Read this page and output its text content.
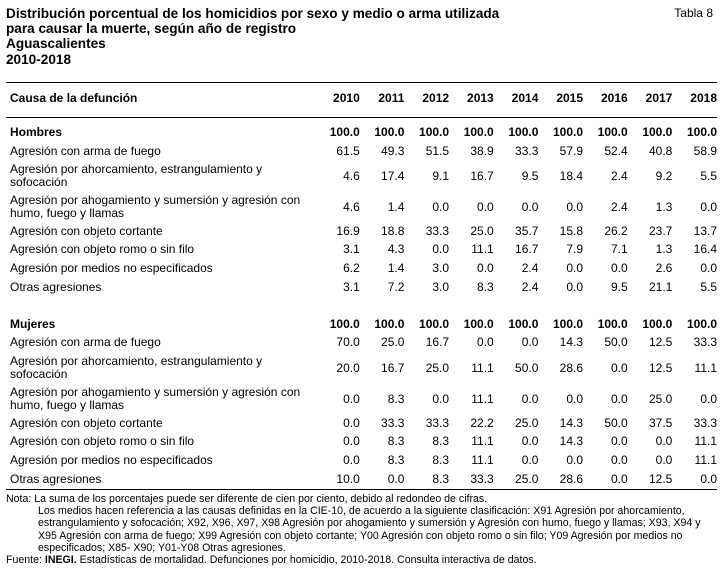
Distribución porcentual de los homicidios por sexo y medio o arma utilizada
para causar la muerte, según año de registro
Aguascalientes
2010-2018
Tabla 8
Causa de la defunción	2010	2011	2012	2013	2014	2015	2016	2017	2018
Hombres	100.0	100.0	100.0	100.0	100.0	100.0	100.0	100.0	100.0
Agresión con arma de fuego	61.5	49.3	51.5	38.9	33.3	57.9	52.4	40.8	58.9
Agresión por ahorcamiento, estrangulamiento y sofocación	4.6	17.4	9.1	16.7	9.5	18.4	2.4	9.2	5.5
Agresión por ahogamiento y sumersión y agresión con humo, fuego y llamas	4.6	1.4	0.0	0.0	0.0	0.0	2.4	1.3	0.0
Agresión con objeto cortante	16.9	18.8	33.3	25.0	35.7	15.8	26.2	23.7	13.7
Agresión con objeto romo o sin filo	3.1	4.3	0.0	11.1	16.7	7.9	7.1	1.3	16.4
Agresión por medios no especificados	6.2	1.4	3.0	0.0	2.4	0.0	0.0	2.6	0.0
Otras agresiones	3.1	7.2	3.0	8.3	2.4	0.0	9.5	21.1	5.5
Mujeres	100.0	100.0	100.0	100.0	100.0	100.0	100.0	100.0	100.0
Agresión con arma de fuego	70.0	25.0	16.7	0.0	0.0	14.3	50.0	12.5	33.3
Agresión por ahorcamiento, estrangulamiento y sofocación	20.0	16.7	25.0	11.1	50.0	28.6	0.0	12.5	11.1
Agresión por ahogamiento y sumersión y agresión con humo, fuego y llamas	0.0	8.3	0.0	11.1	0.0	0.0	0.0	25.0	0.0
Agresión con objeto cortante	0.0	33.3	33.3	22.2	25.0	14.3	50.0	37.5	33.3
Agresión con objeto romo o sin filo	0.0	8.3	8.3	11.1	0.0	14.3	0.0	0.0	11.1
Agresión por medios no especificados	0.0	8.3	8.3	11.1	0.0	0.0	0.0	0.0	11.1
Otras agresiones	10.0	0.0	8.3	33.3	25.0	28.6	0.0	12.5	0.0

Nota: La suma de los porcentajes puede ser diferente de cien por ciento, debido al redondeo de cifras.

Los medios hacen referencia a las causas definidas en la CIE-10, de acuerdo a la siguiente clasificación: X91 Agresión por ahorcamiento, estrangulamiento y sofocación; X92, X96, X97, X98 Agresión por ahogamiento y sumersión y Agresión con humo, fuego y llamas; X93, X94 y X95 Agresión con arma de fuego; X99 Agresión con objeto cortante; Y00 Agresión con objeto romo o sin filo; Y09 Agresión por medios no especificados; X85- X90; Y01-Y08 Otras agresiones.

Fuente: INEGI. Estadísticas de mortalidad. Defunciones por homicidio, 2010-2018. Consulta interactiva de datos.
